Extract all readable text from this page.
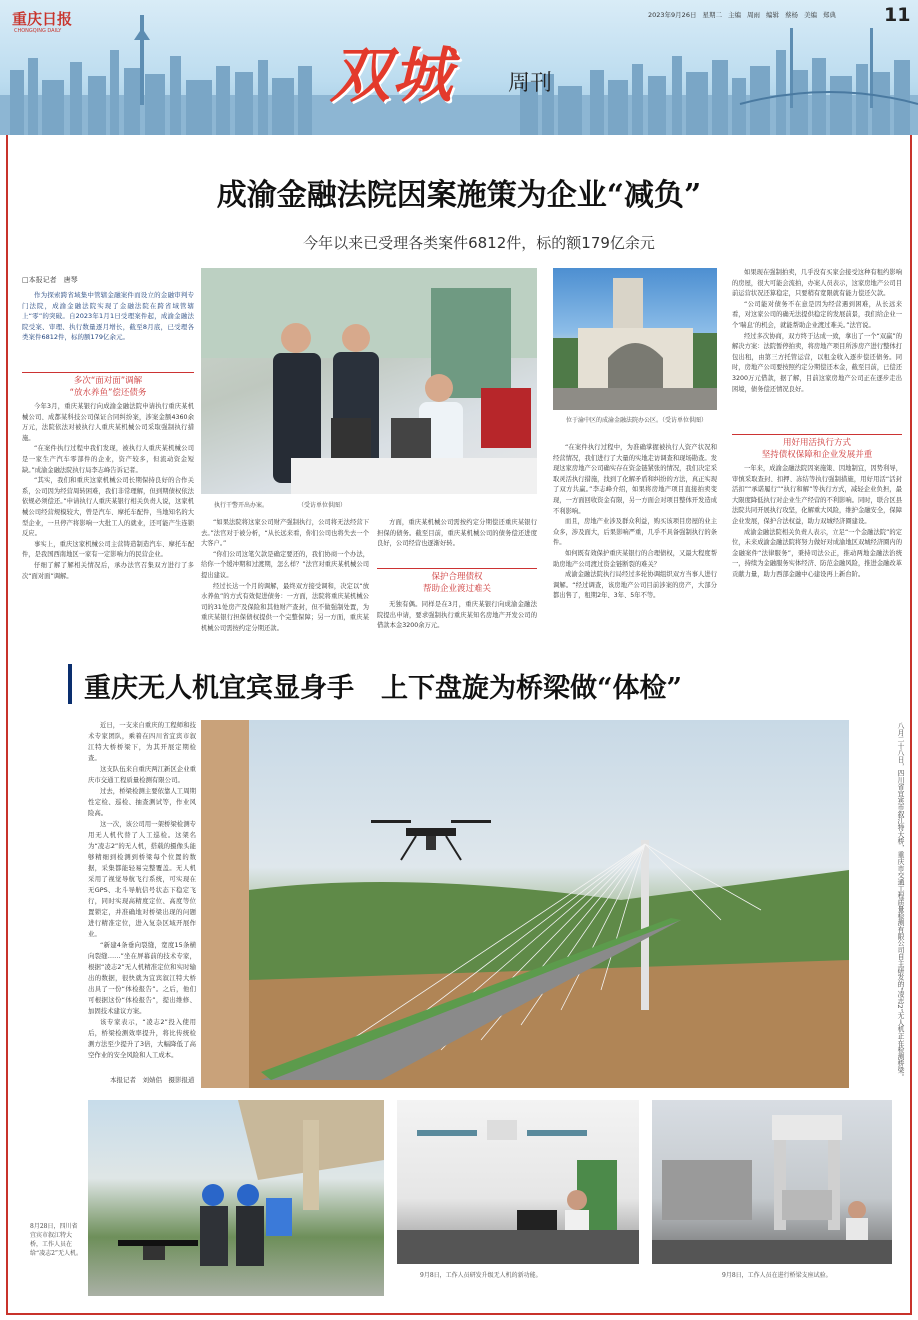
重庆日报
CHONGQING DAILY
2023年9月26日 星期二 主编 周雨 编辑 蔡杨 美编 郑典	11
双城 周刊
成渝金融法院因案施策为企业“减负”
今年以来已受理各类案件6812件，标的额179亿余元
□本报记者　唐琴

作为探索跨省域集中管辖金融案件而设立的金融审判专门法院，成渝金融法院实现了金融法院在跨省域管辖上“零”的突破。自2023年1月1日受理案件起，成渝金融法院受案、审理、执行数量逐月增长，截至8月底，已受理各类案件6812件，标的额179亿余元。

多次“面对面”调解
“放水养鱼”偿还债务

今年3月，重庆某银行向成渝金融法院申请执行重庆某机械公司、成都某科技公司保证合同纠纷案，涉案金额4360余万元，法院依法对被执行人重庆某机械公司采取强制执行措施。

“在案件执行过程中我们发现，被执行人重庆某机械公司是一家生产汽车零部件的企业，资产较多，但流动资金短缺。”成渝金融法院执行局李志峰告诉记者。

“其实，我们和重庆这家机械公司长期保持良好的合作关系，公司因为经营周转困难，我们非常理解，但到期债权依法依规必须偿还。”申请执行人重庆某银行相关负责人说，这家机械公司经营规模较大，曾是汽车、摩托车配件，当地知名的大型企业，一旦停产将影响一大批工人的就业，还可能产生连锁反应。

事实上，重庆这家机械公司主营铸造制造汽车、摩托车配件，是我国西南地区一家有一定影响力的民营企业。

仔细了解了解相关情况后，承办法官召集双方进行了多次“面对面”调解。

执行干警开出办案。　　　　　　（受访单位供图）

“如果法院将这家公司财产强制执行，公司将无法经营下去。”法官对于被分析，“从长远来看，你们公司也将失去一个大客户。”

“你们公司这笔欠款是确定要还的，我们协商一个办法，给你一个缓冲期和过渡期，怎么样？”法官对重庆某机械公司提出建议。

经过长达一个月的调解，最终双方接受调和，决定以“放水养鱼”的方式有效促进债务：一方面，法院将重庆某机械公司的31处房产及保险和其他财产查封，但不做强制处置，为重庆某银行担保债权提供一个完整保障；另一方面，重庆某机械公司需按约定分期还款。

方面，重庆某机械公司需按约定分期偿还重庆某银行担保的债务。截至目前，重庆某机械公司的债务偿还进度良好，公司经营也逐渐好转。

保护合理债权
帮助企业渡过难关

无独有偶。同样是在3月，重庆某银行向成渝金融法院提出申请，要求强制执行重庆某知名房地产开发公司的借款本金3200余万元。

位于渝中区的成渝金融法院办公区。（受访单位供图）

“在案件执行过程中，为准确掌握被执行人资产状况和经营情况，我们进行了大量的实地走访调查和现场勘查。发现这家房地产公司确实存在资金链紧张的情况，我们决定采取灵活执行措施，找到了化解矛盾和纠纷的方法，真正实现了双方共赢。”李志峰介绍，如果将房地产项目直接拍卖变现，一方面回收资金有限，另一方面会对项目整体开发造成不利影响。

而且，房地产业涉及群众利益，购买该项目房屋的业主众多，涉及面大，后果影响严重，几乎不具备强制执行的条件。

如何既有效保护重庆某银行的合理债权，又最大程度帮助房地产公司渡过资金链断裂的难关？

成渝金融法院执行局经过多轮协调组织双方当事人进行调解。“经过调查，该房地产公司目前涉案的房产，大部分都出售了，租期2年、3年、5年不等。

如果现在强制拍卖，几乎没有买家会接受这种有租约影响的房屋，很大可能会流拍，办案人员表示，这家房地产公司目前运营状况还算稳定，只要稍有宽限就有能力偿还欠款。

“公司能对债务不在意是因为经营遇到困难，从长远来看，对这家公司的确无法提供稳定的发展前景，我们给企业一个‘喘息’的机会，就能帮助企业渡过难关。”法官说。

经过多次协商，双方终于达成一致，拿出了一个“双赢”的解决方案：法院暂停拍卖，将房地产项目所涉房产进行整体打包出租，由第三方托管运营，以租金收入逐步偿还债务。同时，房地产公司要按照约定分期偿还本金，截至目前，已偿还3200万元借款，据了解，目前这家房地产公司正在逐步走出困境，债务偿还情况良好。

用好用活执行方式
坚持债权保障和企业发展并重

一年来，成渝金融法院因案施策、因地制宜，因势利导，审慎采取查封、扣押、冻结等执行强制措施，用好用活“活封活扣”“承诺履行”“执行和解”等执行方式，减轻企业负担，最大限度降低执行对企业生产经营的不利影响。同时，联合区县法院共同开展执行攻坚，化解重大风险，维护金融安全，保障企业发展，保护合法权益，助力双城经济圈建设。

成渝金融法院相关负责人表示，立足“一个金融法院”的定位，未来成渝金融法院将努力做好对成渝地区双城经济圈内的金融案件“法律服务”，秉持司法公正，推动两地金融法治统一，持续为金融服务实体经济、防范金融风险，推进金融改革贡献力量，助力西部金融中心建设再上新台阶。

重庆无人机宜宾显身手　上下盘旋为桥梁做“体检”

近日，一支来自重庆的工程师和技术专家团队，乘着在四川省宜宾市叙江特大桥桥梁下，为其开展定期检查。

这支队伍来自重庆两江新区企业重庆市交通工程质量检测有限公司。

过去，桥梁检测主要依靠人工周期性定检、巡检、抽查测试等，作业风险高。

这一次，该公司用一架桥梁检测专用无人机代替了人工巡检。这架名为“凌志2”的无人机，搭载的摄像头能够精细到检测到桥梁每个位置的数据，采集都能轻易完整覆盖。无人机采用了视觉导航飞行系统，可实现在无GPS、北斗导航信号状态下稳定飞行，同时实现高精度定位、高度等位置锁定，并准确地对桥梁出现的问题进行精准定位，进入复杂区域开展作业。

“新建4条垂向裂缝，宽度15条横向裂缝……”坐在屏幕前的技术专家，根据“凌志2”无人机精准定位和实时输出的数据，很快就为宜宾叙江特大桥出具了一份“体检报告”。之后，他们可根据这份“体检报告”，提出维修、加固技术建议方案。

该专家表示，“凌志2”投入使用后，桥梁检测效率提升，将比传统检测方法至少提升了3倍，大幅降低了高空作业的安全风险和人工成本。

本报记者　刘婧侣　摄影报道	八月二十八日，四川省宜宾市叙江特大桥，重庆市交通工程质量检测有限公司自主研发的“凌志2”无人机正在检测桥梁。
8月28日，四川省宜宾市叙江特大桥，工作人员在给“凌志2”无人机。
9月8日，工作人员研发升级无人机的新功能。	9月8日，工作人员在进行桥梁支座试验。
